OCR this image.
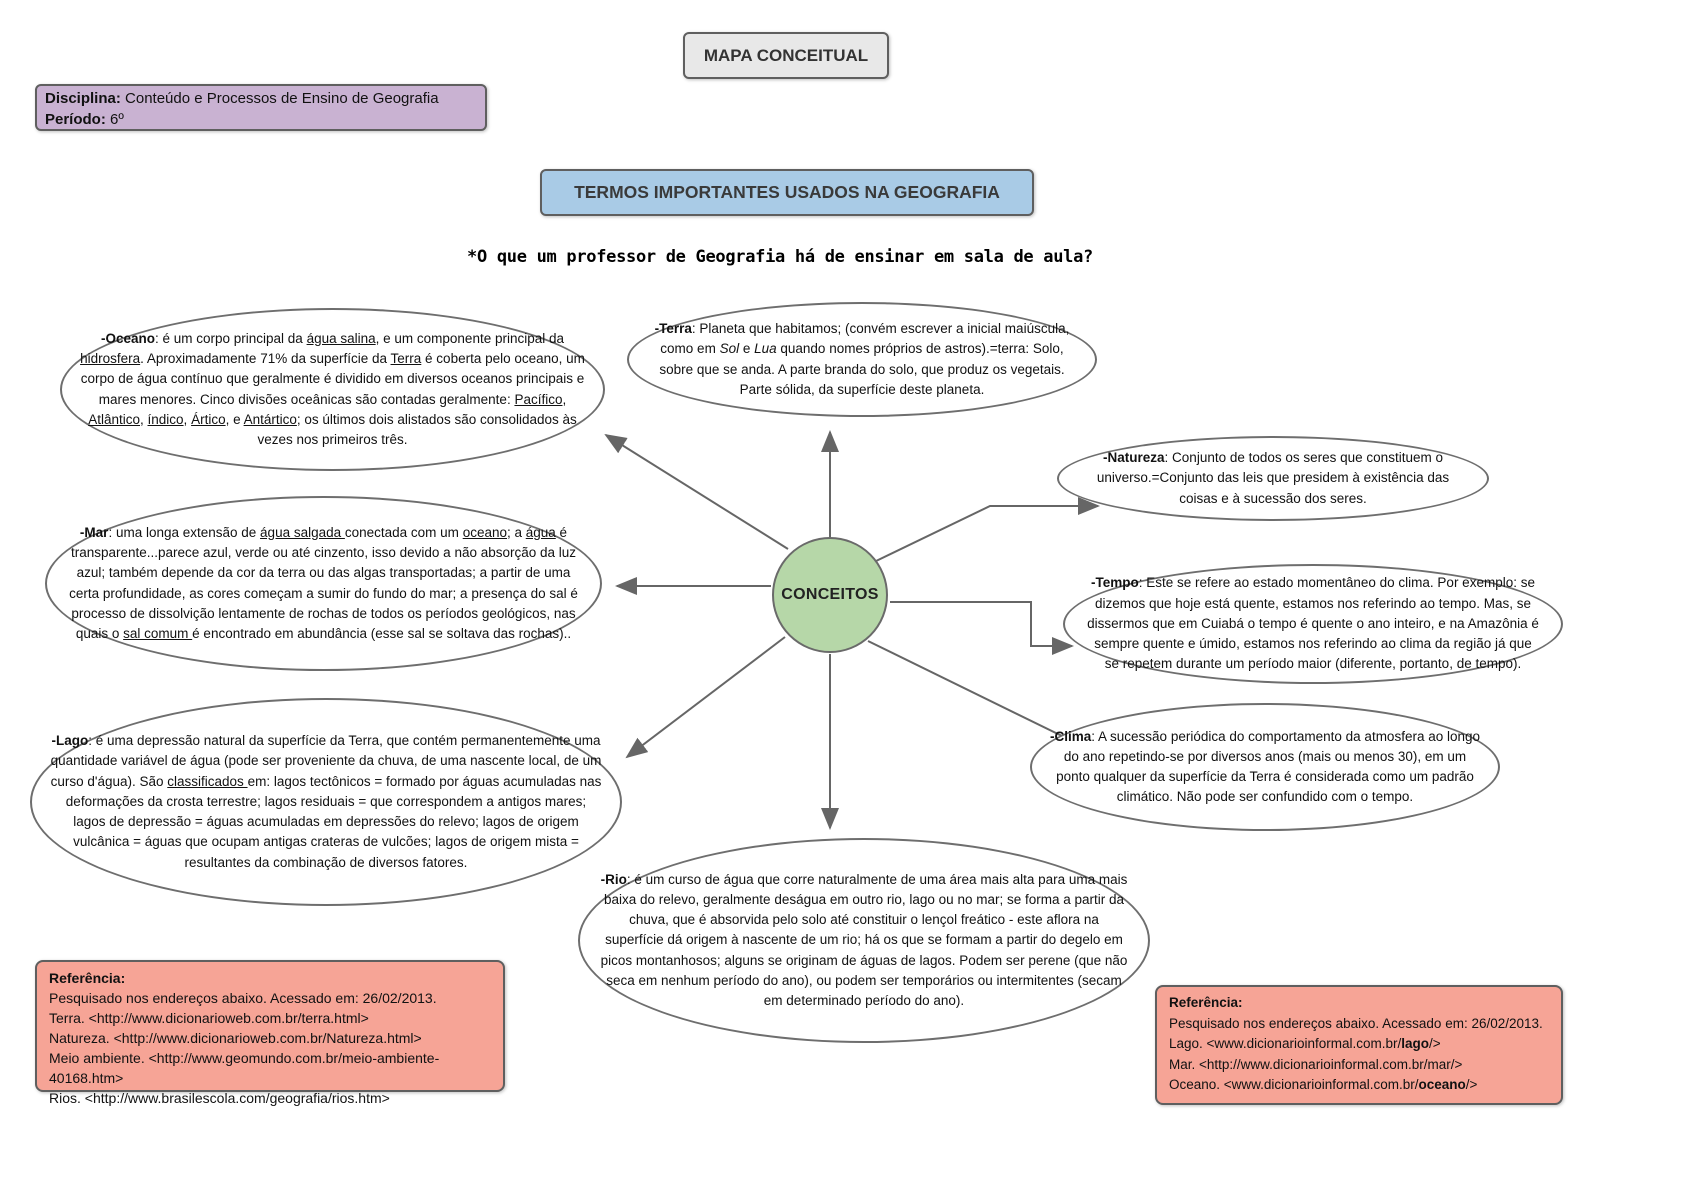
MAPA CONCEITUAL
Disciplina: Conteúdo e Processos de Ensino de Geografia
Período: 6º
TERMOS IMPORTANTES USADOS NA GEOGRAFIA
*O que um professor de Geografia há de ensinar em sala de aula?
CONCEITOS
-Oceano: é um corpo principal da água salina, e um componente principal da hidrosfera. Aproximadamente 71% da superfície da Terra é coberta pelo oceano, um corpo de água contínuo que geralmente é dividido em diversos oceanos principais e mares menores. Cinco divisões oceânicas são contadas geralmente: Pacífico, Atlântico, índico, Ártico, e Antártico; os últimos dois alistados são consolidados às vezes nos primeiros três.
-Mar: uma longa extensão de água salgada conectada com um oceano; a água é transparente...parece azul, verde ou até cinzento, isso devido a não absorção da luz azul; também depende da cor da terra ou das algas transportadas; a partir de uma certa profundidade, as cores começam a sumir do fundo do mar; a presença do sal é processo de dissolvição lentamente de rochas de todos os períodos geológicos, nas quais o sal comum é encontrado em abundância (esse sal se soltava das rochas)..
-Lago: é uma depressão natural da superfície da Terra, que contém permanentemente uma quantidade variável de água (pode ser proveniente da chuva, de uma nascente local, de um curso d'água). São classificados em: lagos tectônicos = formado por águas acumuladas nas deformações da crosta terrestre; lagos residuais = que correspondem a antigos mares; lagos de depressão = águas acumuladas em depressões do relevo; lagos de origem vulcânica = águas que ocupam antigas crateras de vulcões; lagos de origem mista = resultantes da combinação de diversos fatores.
-Terra: Planeta que habitamos; (convém escrever a inicial maiúscula, como em Sol e Lua quando nomes próprios de astros).=terra: Solo, sobre que se anda. A parte branda do solo, que produz os vegetais. Parte sólida, da superfície deste planeta.
-Natureza: Conjunto de todos os seres que constituem o universo.=Conjunto das leis que presidem à existência das coisas e à sucessão dos seres.
-Tempo: Este se refere ao estado momentâneo do clima. Por exemplo: se dizemos que hoje está quente, estamos nos referindo ao tempo. Mas, se dissermos que em Cuiabá o tempo é quente o ano inteiro, e na Amazônia é sempre quente e úmido, estamos nos referindo ao clima da região já que se repetem durante um período maior (diferente, portanto, de tempo).
-Clima: A sucessão periódica do comportamento da atmosfera ao longo do ano repetindo-se por diversos anos (mais ou menos 30), em um ponto qualquer da superfície da Terra é considerada como um padrão climático. Não pode ser confundido com o tempo.
-Rio: é um curso de água que corre naturalmente de uma área mais alta para uma mais baixa do relevo, geralmente deságua em outro rio, lago ou no mar; se forma a partir da chuva, que é absorvida pelo solo até constituir o lençol freático - este aflora na superfície dá origem à nascente de um rio; há os que se formam a partir do degelo em picos montanhosos; alguns se originam de águas de lagos. Podem ser perene (que não seca em nenhum período do ano), ou podem ser temporários ou intermitentes (secam em determinado período do ano).
Referência:
Pesquisado nos endereços abaixo. Acessado em: 26/02/2013.
Terra. <http://www.dicionarioweb.com.br/terra.html>
Natureza. <http://www.dicionarioweb.com.br/Natureza.html>
Meio ambiente. <http://www.geomundo.com.br/meio-ambiente-40168.htm>
Rios. <http://www.brasilescola.com/geografia/rios.htm>
Referência:
Pesquisado nos endereços abaixo. Acessado em: 26/02/2013.
Lago. <www.dicionarioinformal.com.br/lago/>
Mar. <http://www.dicionarioinformal.com.br/mar/>
Oceano. <www.dicionarioinformal.com.br/oceano/>
